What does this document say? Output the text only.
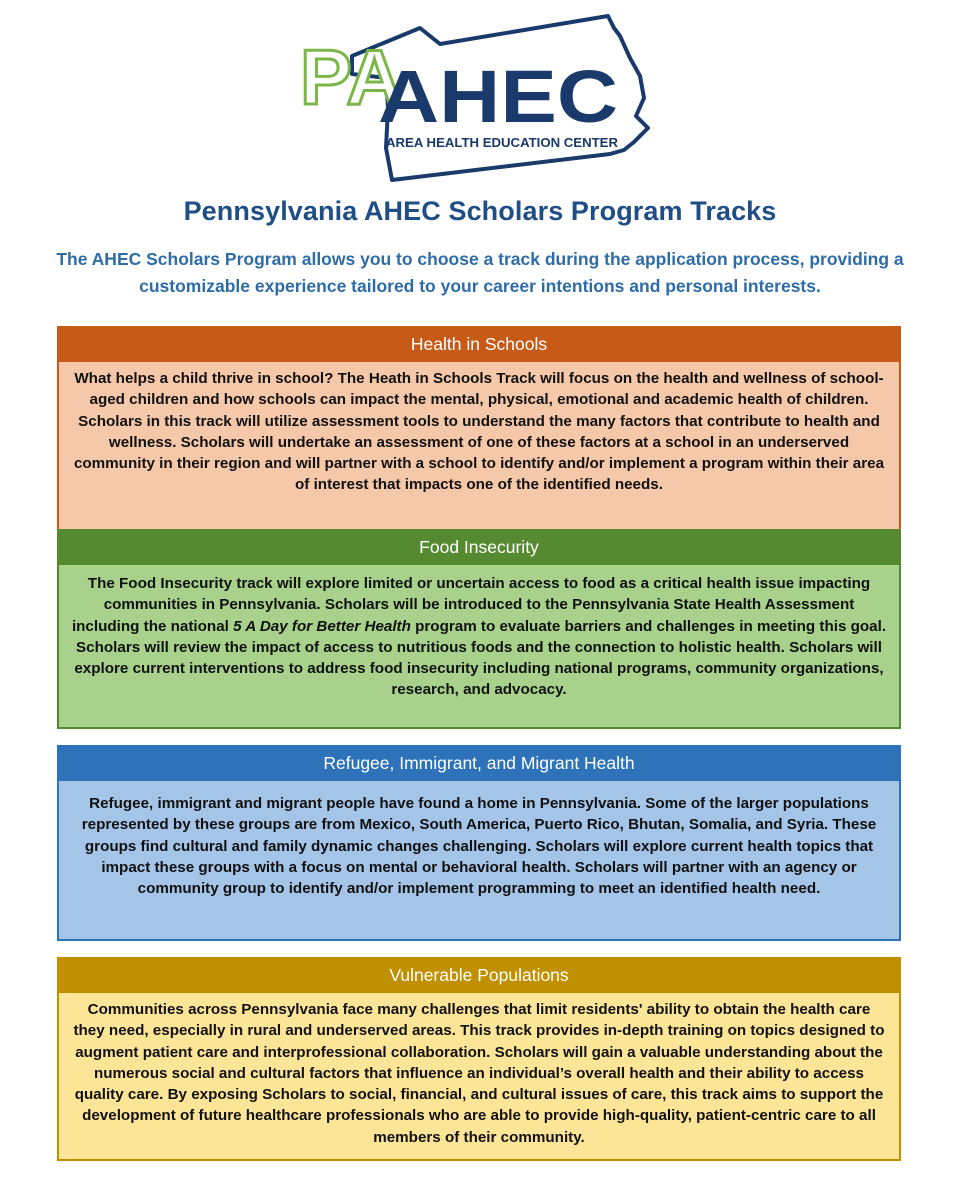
PA
AHEC
AREA HEALTH EDUCATION CENTER
Pennsylvania AHEC Scholars Program Tracks
The AHEC Scholars Program allows you to choose a track during the application process, providing a customizable experience tailored to your career intentions and personal interests.
Health in Schools
What helps a child thrive in school? The Heath in Schools Track will focus on the health and wellness of school-aged children and how schools can impact the mental, physical, emotional and academic health of children. Scholars in this track will utilize assessment tools to understand the many factors that contribute to health and wellness. Scholars will undertake an assessment of one of these factors at a school in an underserved community in their region and will partner with a school to identify and/or implement a program within their area of interest that impacts one of the identified needs.
Food Insecurity
The Food Insecurity track will explore limited or uncertain access to food as a critical health issue impacting communities in Pennsylvania. Scholars will be introduced to the Pennsylvania State Health Assessment including the national 5 A Day for Better Health program to evaluate barriers and challenges in meeting this goal. Scholars will review the impact of access to nutritious foods and the connection to holistic health. Scholars will explore current interventions to address food insecurity including national programs, community organizations, research, and advocacy.
Refugee, Immigrant, and Migrant Health
Refugee, immigrant and migrant people have found a home in Pennsylvania. Some of the larger populations represented by these groups are from Mexico, South America, Puerto Rico, Bhutan, Somalia, and Syria. These groups find cultural and family dynamic changes challenging. Scholars will explore current health topics that impact these groups with a focus on mental or behavioral health. Scholars will partner with an agency or community group to identify and/or implement programming to meet an identified health need.
Vulnerable Populations
Communities across Pennsylvania face many challenges that limit residents' ability to obtain the health care they need, especially in rural and underserved areas. This track provides in-depth training on topics designed to augment patient care and interprofessional collaboration. Scholars will gain a valuable understanding about the numerous social and cultural factors that influence an individual’s overall health and their ability to access quality care. By exposing Scholars to social, financial, and cultural issues of care, this track aims to support the development of future healthcare professionals who are able to provide high-quality, patient-centric care to all members of their community.
